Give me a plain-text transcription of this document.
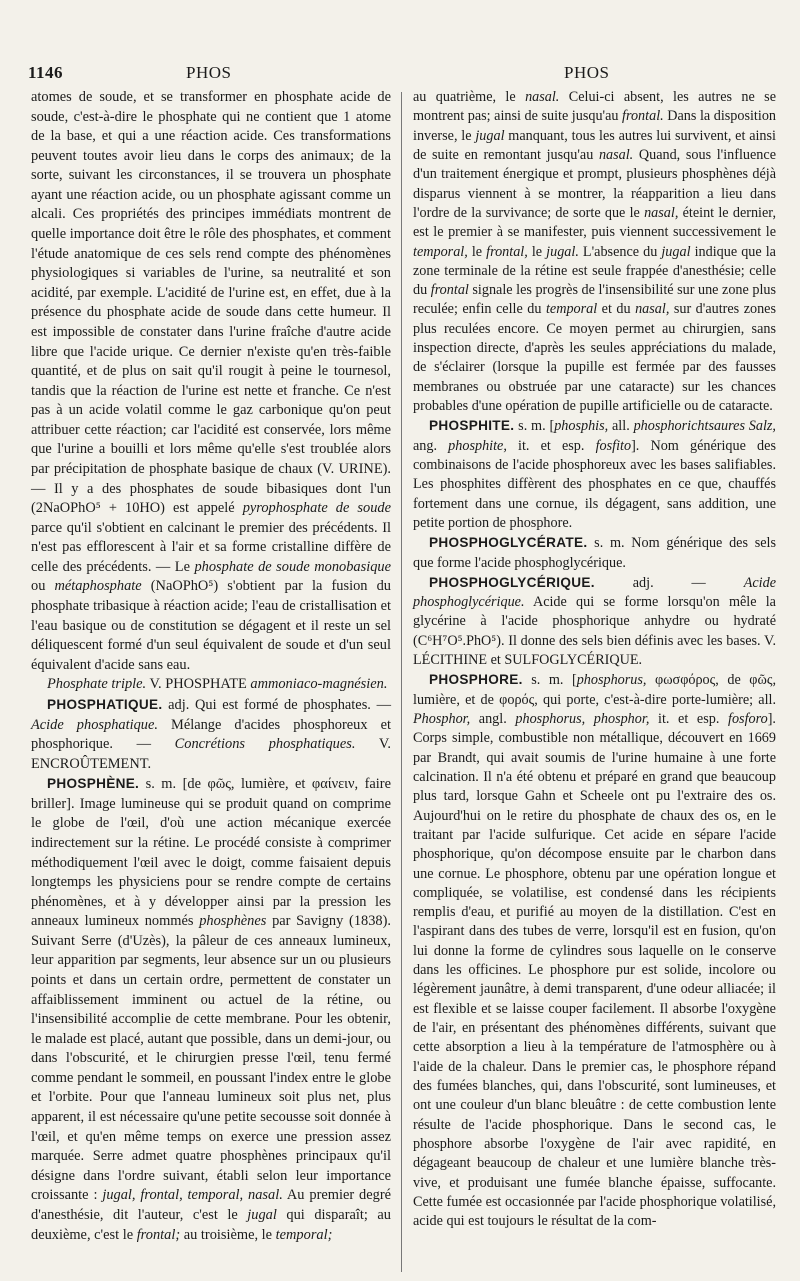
1146	PHOS	PHOS

atomes de soude, et se transformer en phosphate acide de soude, c'est-à-dire le phosphate qui ne contient que 1 atome de la base, et qui a une réaction acide. Ces transformations peuvent toutes avoir lieu dans le corps des animaux; de la sorte, suivant les circonstances, il se trouvera un phosphate ayant une réaction acide, ou un phosphate agissant comme un alcali. Ces propriétés des principes immédiats montrent de quelle importance doit être le rôle des phosphates, et comment l'étude anatomique de ces sels rend compte des phénomènes physiologiques si variables de l'urine, sa neutralité et son acidité, par exemple. L'acidité de l'urine est, en effet, due à la présence du phosphate acide de soude dans cette humeur. Il est impossible de constater dans l'urine fraîche d'autre acide libre que l'acide urique. Ce dernier n'existe qu'en très-faible quantité, et de plus on sait qu'il rougit à peine le tournesol, tandis que la réaction de l'urine est nette et franche. Ce n'est pas à un acide volatil comme le gaz carbonique qu'on peut attribuer cette réaction; car l'acidité est conservée, lors même que l'urine a bouilli et lors même qu'elle s'est troublée alors par précipitation de phosphate basique de chaux (V. URINE). — Il y a des phosphates de soude bibasiques dont l'un (2NaOPhO⁵ + 10HO) est appelé pyrophosphate de soude parce qu'il s'obtient en calcinant le premier des précédents. Il n'est pas efflorescent à l'air et sa forme cristalline diffère de celle des précédents. — Le phosphate de soude monobasique ou métaphosphate (NaOPhO⁵) s'obtient par la fusion du phosphate tribasique à réaction acide; l'eau de cristallisation et l'eau basique ou de constitution se dégagent et il reste un sel déliquescent formé d'un seul équivalent de soude et d'un seul équivalent d'acide sans eau.

Phosphate triple. V. PHOSPHATE ammoniaco-magnésien.

PHOSPHATIQUE. adj. Qui est formé de phosphates. — Acide phosphatique. Mélange d'acides phosphoreux et phosphorique. — Concrétions phosphatiques. V. ENCROÛTEMENT.

PHOSPHÈNE. s. m. [de φῶς, lumière, et φαίνειν, faire briller]. Image lumineuse qui se produit quand on comprime le globe de l'œil, d'où une action mécanique exercée indirectement sur la rétine. Le procédé consiste à comprimer méthodiquement l'œil avec le doigt, comme faisaient depuis longtemps les physiciens pour se rendre compte de certains phénomènes, et à y développer ainsi par la pression les anneaux lumineux nommés phosphènes par Savigny (1838). Suivant Serre (d'Uzès), la pâleur de ces anneaux lumineux, leur apparition par segments, leur absence sur un ou plusieurs points et dans un certain ordre, permettent de constater un affaiblissement imminent ou actuel de la rétine, ou l'insensibilité accomplie de cette membrane. Pour les obtenir, le malade est placé, autant que possible, dans un demi-jour, ou dans l'obscurité, et le chirurgien presse l'œil, tenu fermé comme pendant le sommeil, en poussant l'index entre le globe et l'orbite. Pour que l'anneau lumineux soit plus net, plus apparent, il est nécessaire qu'une petite secousse soit donnée à l'œil, et qu'en même temps on exerce une pression assez marquée. Serre admet quatre phosphènes principaux qu'il désigne dans l'ordre suivant, établi selon leur importance croissante : jugal, frontal, temporal, nasal. Au premier degré d'anesthésie, dit l'auteur, c'est le jugal qui disparaît; au deuxième, c'est le frontal; au troisième, le temporal;

au quatrième, le nasal. Celui-ci absent, les autres ne se montrent pas; ainsi de suite jusqu'au frontal. Dans la disposition inverse, le jugal manquant, tous les autres lui survivent, et ainsi de suite en remontant jusqu'au nasal. Quand, sous l'influence d'un traitement énergique et prompt, plusieurs phosphènes déjà disparus viennent à se montrer, la réapparition a lieu dans l'ordre de la survivance; de sorte que le nasal, éteint le dernier, est le premier à se manifester, puis viennent successivement le temporal, le frontal, le jugal. L'absence du jugal indique que la zone terminale de la rétine est seule frappée d'anesthésie; celle du frontal signale les progrès de l'insensibilité sur une zone plus reculée; enfin celle du temporal et du nasal, sur d'autres zones plus reculées encore. Ce moyen permet au chirurgien, sans inspection directe, d'après les seules appréciations du malade, de s'éclairer (lorsque la pupille est fermée par des fausses membranes ou obstruée par une cataracte) sur les chances probables d'une opération de pupille artificielle ou de cataracte.

PHOSPHITE. s. m. [phosphis, all. phosphorichtsaures Salz, ang. phosphite, it. et esp. fosfito]. Nom générique des combinaisons de l'acide phosphoreux avec les bases salifiables. Les phosphites diffèrent des phosphates en ce que, chauffés fortement dans une cornue, ils dégagent, sans addition, une petite portion de phosphore.

PHOSPHOGLYCÉRATE. s. m. Nom générique des sels que forme l'acide phosphoglycérique.

PHOSPHOGLYCÉRIQUE. adj. — Acide phosphoglycérique. Acide qui se forme lorsqu'on mêle la glycérine à l'acide phosphorique anhydre ou hydraté (C⁶H⁷O⁵.PhO⁵). Il donne des sels bien définis avec les bases. V. LÉCITHINE et SULFOGLYCÉRIQUE.

PHOSPHORE. s. m. [phosphorus, φωσφόρος, de φῶς, lumière, et de φορός, qui porte, c'est-à-dire porte-lumière; all. Phosphor, angl. phosphorus, phosphor, it. et esp. fosforo]. Corps simple, combustible non métallique, découvert en 1669 par Brandt, qui avait soumis de l'urine humaine à une forte calcination. Il n'a été obtenu et préparé en grand que beaucoup plus tard, lorsque Gahn et Scheele ont pu l'extraire des os. Aujourd'hui on le retire du phosphate de chaux des os, en le traitant par l'acide sulfurique. Cet acide en sépare l'acide phosphorique, qu'on décompose ensuite par le charbon dans une cornue. Le phosphore, obtenu par une opération longue et compliquée, se volatilise, est condensé dans les récipients remplis d'eau, et purifié au moyen de la distillation. C'est en l'aspirant dans des tubes de verre, lorsqu'il est en fusion, qu'on lui donne la forme de cylindres sous laquelle on le conserve dans les officines. Le phosphore pur est solide, incolore ou légèrement jaunâtre, à demi transparent, d'une odeur alliacée; il est flexible et se laisse couper facilement. Il absorbe l'oxygène de l'air, en présentant des phénomènes différents, suivant que cette absorption a lieu à la température de l'atmosphère ou à l'aide de la chaleur. Dans le premier cas, le phosphore répand des fumées blanches, qui, dans l'obscurité, sont lumineuses, et ont une couleur d'un blanc bleuâtre : de cette combustion lente résulte de l'acide phosphorique. Dans le second cas, le phosphore absorbe l'oxygène de l'air avec rapidité, en dégageant beaucoup de chaleur et une lumière blanche très-vive, et produisant une fumée blanche épaisse, suffocante. Cette fumée est occasionnée par l'acide phosphorique volatilisé, acide qui est toujours le résultat de la com-
